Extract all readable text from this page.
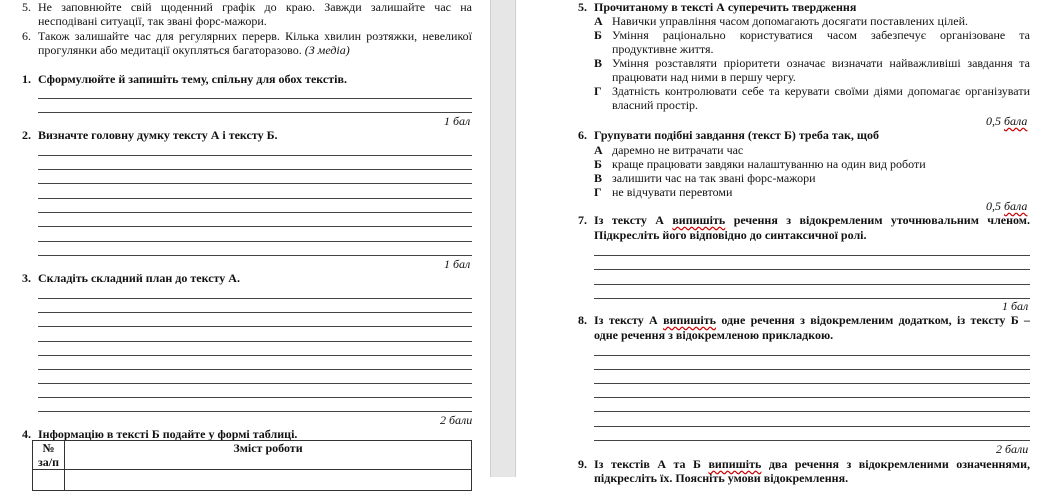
5. Не заповнюйте свій щоденний графік до краю. Завжди залишайте час на
несподівані ситуації, так звані форс-мажори.
6. Також залишайте час для регулярних перерв. Кілька хвилин розтяжки, невеликої
прогулянки або медитації окупляться багаторазово. (З медіа)
1. Сформулюйте й запишіть тему, спільну для обох текстів.
1 бал
2. Визначте головну думку тексту А і тексту Б.
1 бал
3. Складіть складний план до тексту А.
2 бали
4. Інформацію в тексті Б подайте у формі таблиці.
№
за/п	Зміст роботи

5. Прочитаному в тексті А суперечить твердження
А Навички управління часом допомагають досягати поставлених цілей.
Б Уміння раціонально користуватися часом забезпечує організоване та
продуктивне життя.
В Уміння розставляти пріоритети означає визначати найважливіші завдання та
працювати над ними в першу чергу.
Г Здатність контролювати себе та керувати своїми діями допомагає організувати
власний простір.
0,5 бала
6. Групувати подібні завдання (текст Б) треба так, щоб
А даремно не витрачати час
Б краще працювати завдяки налаштуванню на один вид роботи
В залишити час на так звані форс-мажори
Г не відчувати перевтоми
0,5 бала
7. Із тексту А випишіть речення з відокремленим уточнювальним членом.
Підкресліть його відповідно до синтаксичної ролі.
1 бал
8. Із тексту А випишіть одне речення з відокремленим додатком, із тексту Б –
одне речення з відокремленою прикладкою.
2 бали
9. Із текстів А та Б випишіть два речення з відокремленими означеннями,
підкресліть їх. Поясніть умови відокремлення.
